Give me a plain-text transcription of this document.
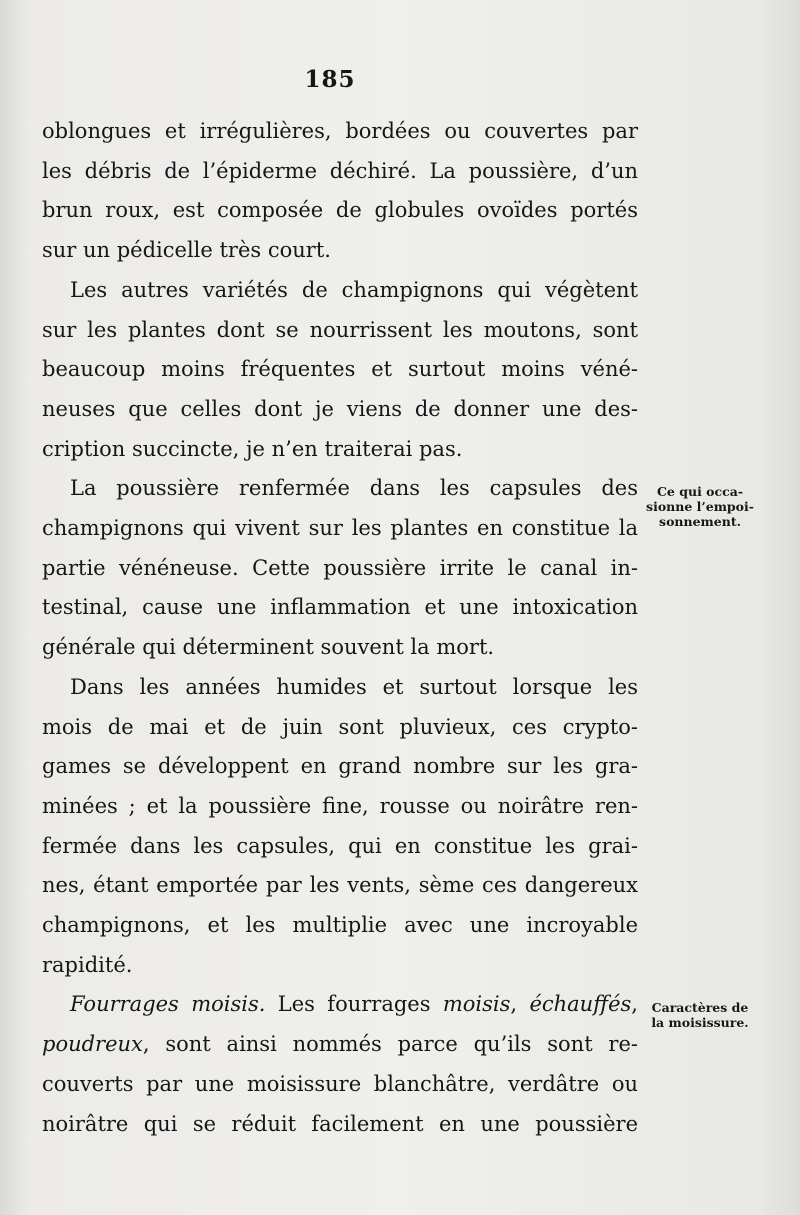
185
oblongues et irrégulières, bordées ou couvertes par
les débris de l’épiderme déchiré. La poussière, d’un
brun roux, est composée de globules ovoïdes portés
sur un pédicelle très court.
Les autres variétés de champignons qui végètent
sur les plantes dont se nourrissent les moutons, sont
beaucoup moins fréquentes et surtout moins véné-
neuses que celles dont je viens de donner une des-
cription succincte, je n’en traiterai pas.
La poussière renfermée dans les capsules des
champignons qui vivent sur les plantes en constitue la
partie vénéneuse. Cette poussière irrite le canal in-
testinal, cause une inflammation et une intoxication
générale qui déterminent souvent la mort.
Dans les années humides et surtout lorsque les
mois de mai et de juin sont pluvieux, ces crypto-
games se développent en grand nombre sur les gra-
minées ; et la poussière fine, rousse ou noirâtre ren-
fermée dans les capsules, qui en constitue les grai-
nes, étant emportée par les vents, sème ces dangereux
champignons, et les multiplie avec une incroyable
rapidité.
Fourrages moisis. Les fourrages moisis, échauffés,
poudreux, sont ainsi nommés parce qu’ils sont re-
couverts par une moisissure blanchâtre, verdâtre ou
noirâtre qui se réduit facilement en une poussière
Ce qui occa-
sionne l’empoi-
sonnement.
Caractères de
la moisissure.
